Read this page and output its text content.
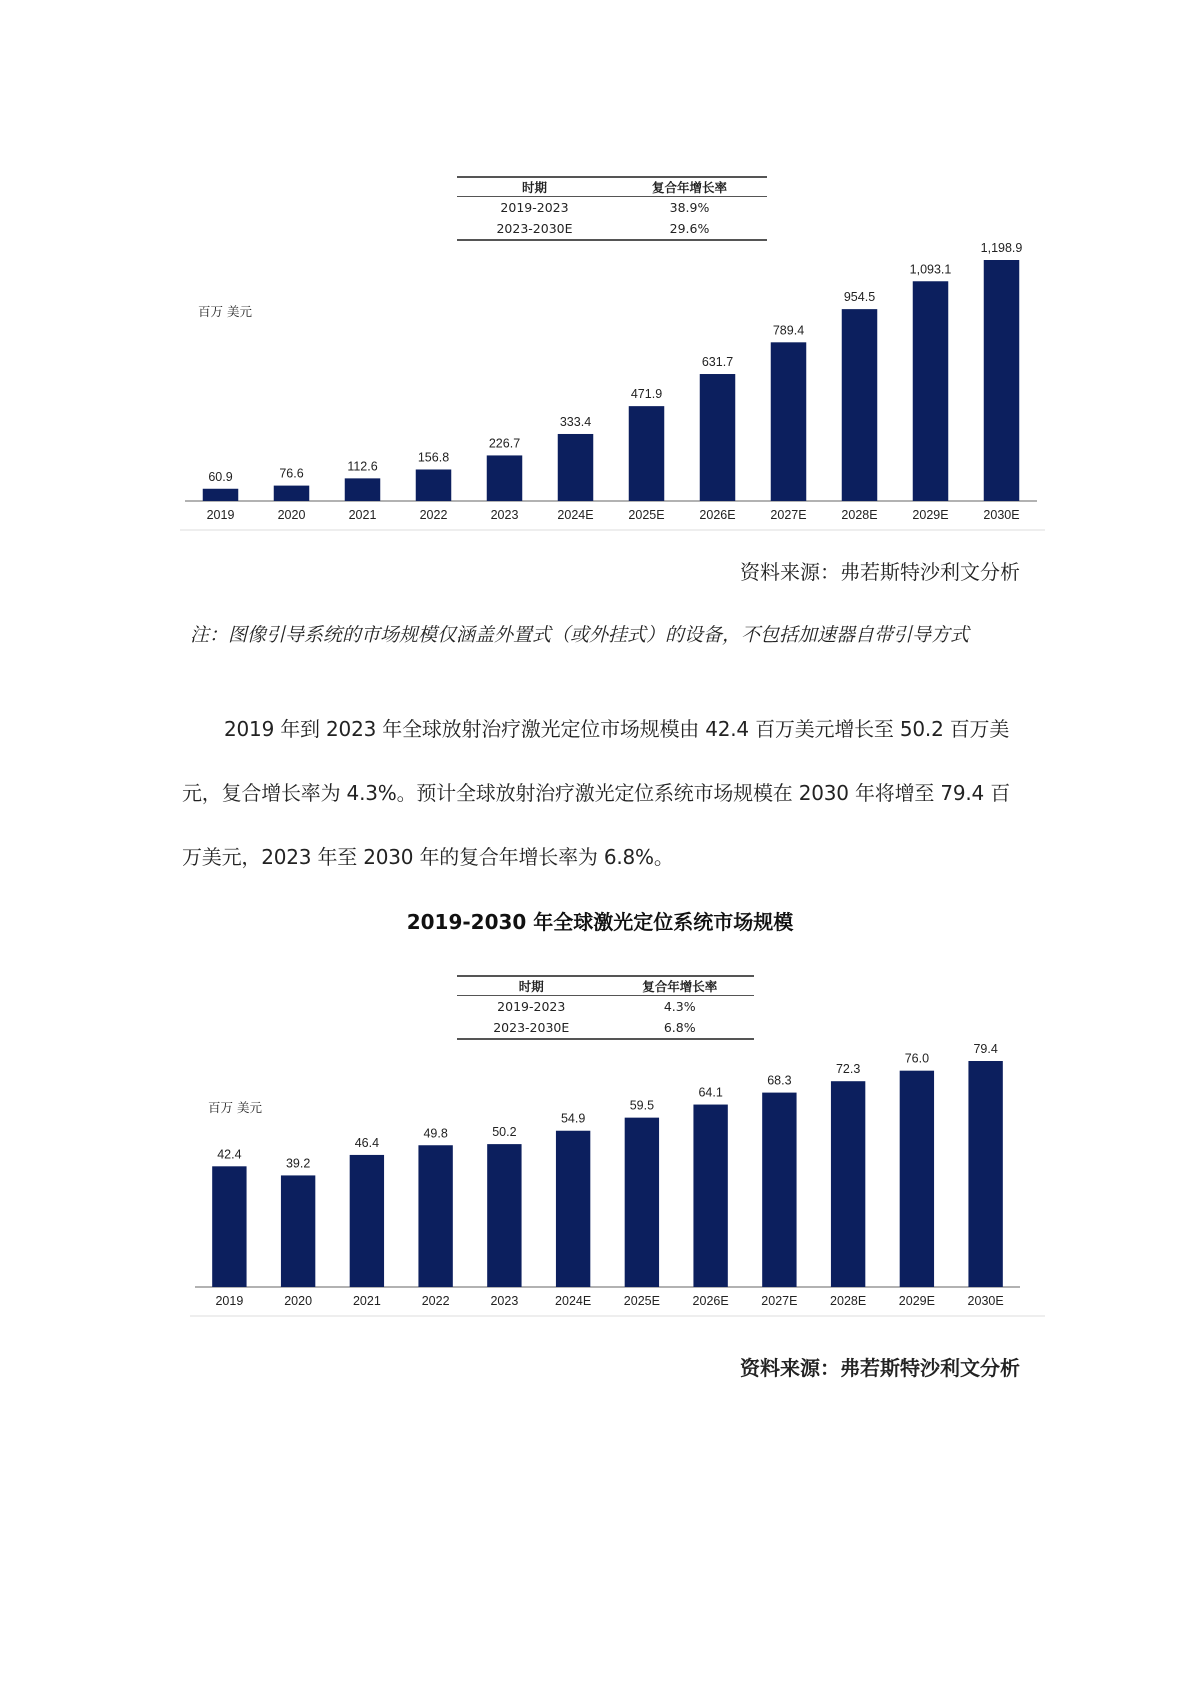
60.9
2019
76.6
2020
112.6
2021
156.8
2022
226.7
2023
333.4
2024E
471.9
2025E
631.7
2026E
789.4
2027E
954.5
2028E
1,093.1
2029E
1,198.9
2030E
时期	复合年增长率
2019-2023	38.9%
2023-2030E	29.6%
百万 美元
资料来源：弗若斯特沙利文分析
注：图像引导系统的市场规模仅涵盖外置式（或外挂式）的设备，不包括加速器自带引导方式
2019 年到 2023 年全球放射治疗激光定位市场规模由 42.4 百万美元增长至 50.2 百万美元，复合增长率为 4.3%。预计全球放射治疗激光定位系统市场规模在 2030 年将增至 79.4 百万美元，2023 年至 2030 年的复合年增长率为 6.8%。
2019-2030 年全球激光定位系统市场规模
42.4
2019
39.2
2020
46.4
2021
49.8
2022
50.2
2023
54.9
2024E
59.5
2025E
64.1
2026E
68.3
2027E
72.3
2028E
76.0
2029E
79.4
2030E
时期	复合年增长率
2019-2023	4.3%
2023-2030E	6.8%
百万 美元
资料来源：弗若斯特沙利文分析
